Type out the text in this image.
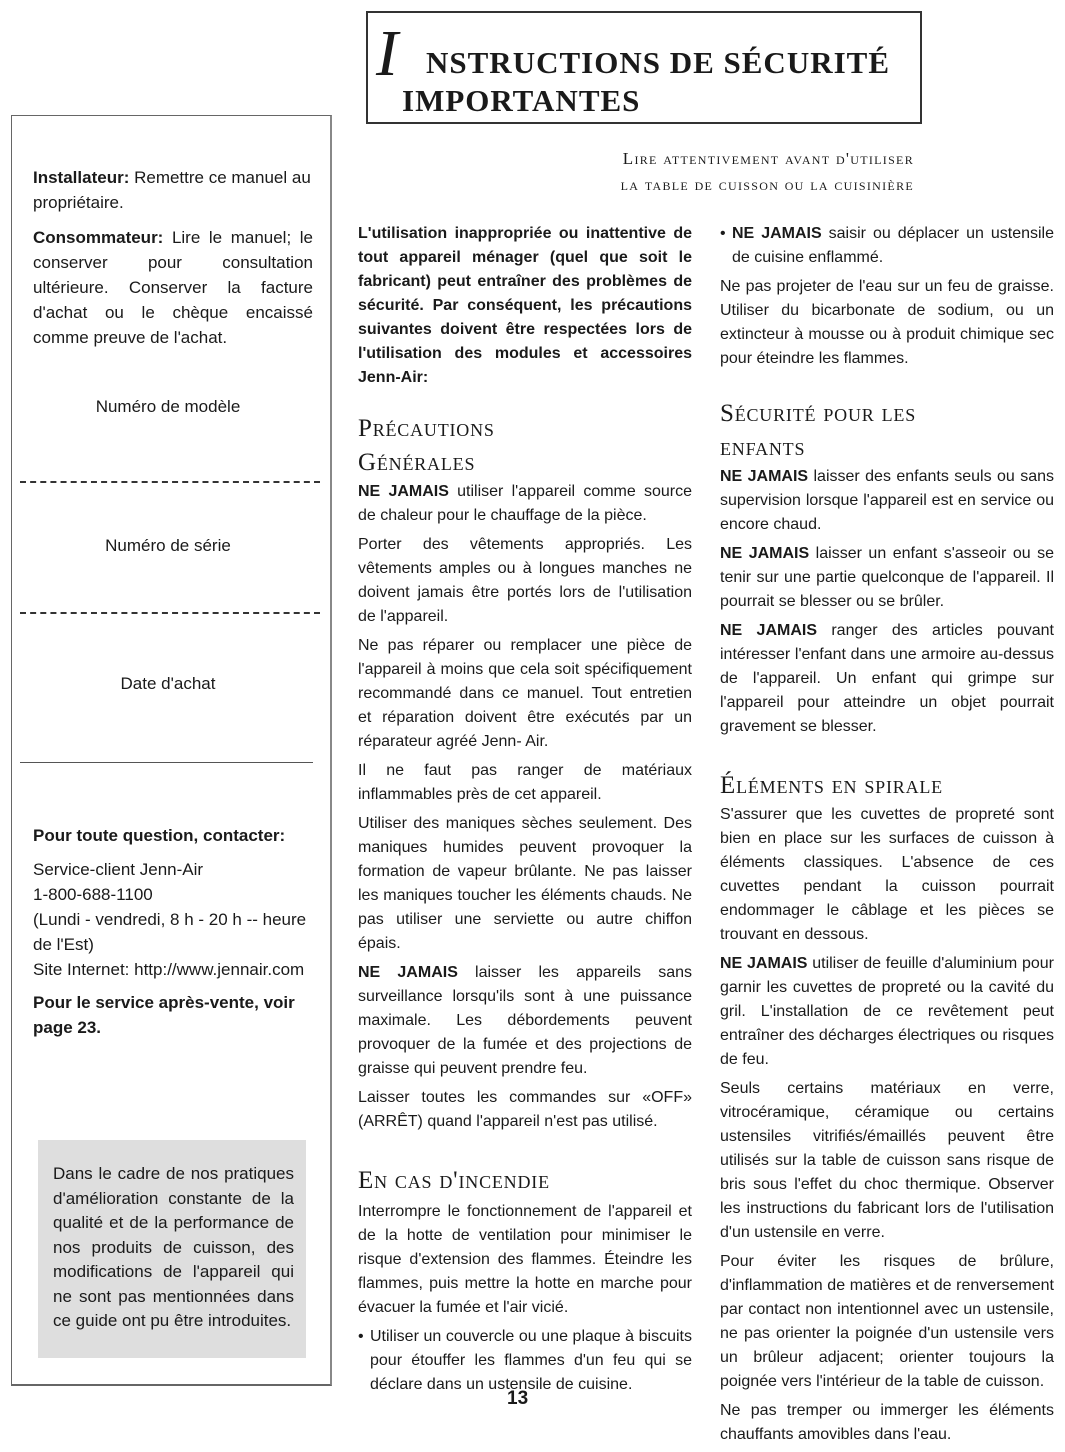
I NSTRUCTIONS DE SÉCURITÉ
IMPORTANTES
Lire attentivement avant d'utiliser
la table de cuisson ou la cuisinière
Installateur: Remettre ce manuel au propriétaire.
Consommateur: Lire le manuel; le conserver pour consultation ultérieure. Conserver la facture d'achat ou le chèque encaissé comme preuve de l'achat.
Numéro de modèle
Numéro de série
Date d'achat
Pour toute question, contacter:
Service-client Jenn-Air
1-800-688-1100
(Lundi - vendredi, 8 h - 20 h -- heure de l'Est)
Site Internet: http://www.jennair.com
Pour le service après-vente, voir page 23.
Dans le cadre de nos pratiques d'amélioration constante de la qualité et de la performance de nos produits de cuisson, des modifications de l'appareil qui ne sont pas mentionnées dans ce guide ont pu être introduites.

L'utilisation inappropriée ou inattentive de tout appareil ménager (quel que soit le fabricant) peut entraîner des problèmes de sécurité. Par conséquent, les précautions suivantes doivent être respectées lors de l'utilisation des modules et accessoires Jenn-Air:

Précautions
Générales

NE JAMAIS utiliser l'appareil comme source de chaleur pour le chauffage de la pièce.

Porter des vêtements appropriés. Les vêtements amples ou à longues manches ne doivent jamais être portés lors de l'utilisation de l'appareil.

Ne pas réparer ou remplacer une pièce de l'appareil à moins que cela soit spécifiquement recommandé dans ce manuel. Tout entretien et réparation doivent être exécutés par un réparateur agréé Jenn- Air.

Il ne faut pas ranger de matériaux inflammables près de cet appareil.

Utiliser des maniques sèches seulement. Des maniques humides peuvent provoquer la formation de vapeur brûlante. Ne pas laisser les maniques toucher les éléments chauds. Ne pas utiliser une serviette ou autre chiffon épais.

NE JAMAIS laisser les appareils sans surveillance lorsqu'ils sont à une puissance maximale. Les débordements peuvent provoquer de la fumée et des projections de graisse qui peuvent prendre feu.

Laisser toutes les commandes sur «OFF» (ARRÊT) quand l'appareil n'est pas utilisé.

En cas d'incendie

Interrompre le fonctionnement de l'appareil et de la hotte de ventilation pour minimiser le risque d'extension des flammes. Éteindre les flammes, puis mettre la hotte en marche pour évacuer la fumée et l'air vicié.

• Utiliser un couvercle ou une plaque à biscuits pour étouffer les flammes d'un feu qui se déclare dans un ustensile de cuisine.

• NE JAMAIS saisir ou déplacer un ustensile de cuisine enflammé.

Ne pas projeter de l'eau sur un feu de graisse. Utiliser du bicarbonate de sodium, ou un extincteur à mousse ou à produit chimique sec pour éteindre les flammes.

Sécurité pour les
enfants

NE JAMAIS laisser des enfants seuls ou sans supervision lorsque l'appareil est en service ou encore chaud.

NE JAMAIS laisser un enfant s'asseoir ou se tenir sur une partie quelconque de l'appareil. Il pourrait se blesser ou se brûler.

NE JAMAIS ranger des articles pouvant intéresser l'enfant dans une armoire au-dessus de l'appareil. Un enfant qui grimpe sur l'appareil pour atteindre un objet pourrait gravement se blesser.

Éléments en spirale

S'assurer que les cuvettes de propreté sont bien en place sur les surfaces de cuisson à éléments classiques. L'absence de ces cuvettes pendant la cuisson pourrait endommager le câblage et les pièces se trouvant en dessous.

NE JAMAIS utiliser de feuille d'aluminium pour garnir les cuvettes de propreté ou la cavité du gril. L'installation de ce revêtement peut entraîner des décharges électriques ou risques de feu.

Seuls certains matériaux en verre, vitrocéramique, céramique ou certains ustensiles vitrifiés/émaillés peuvent être utilisés sur la table de cuisson sans risque de bris sous l'effet du choc thermique. Observer les instructions du fabricant lors de l'utilisation d'un ustensile en verre.

Pour éviter les risques de brûlure, d'inflammation de matières et de renversement par contact non intentionnel avec un ustensile, ne pas orienter la poignée d'un ustensile vers un brûleur adjacent; orienter toujours la poignée vers l'intérieur de la table de cuisson.

Ne pas tremper ou immerger les éléments chauffants amovibles dans l'eau.

13
